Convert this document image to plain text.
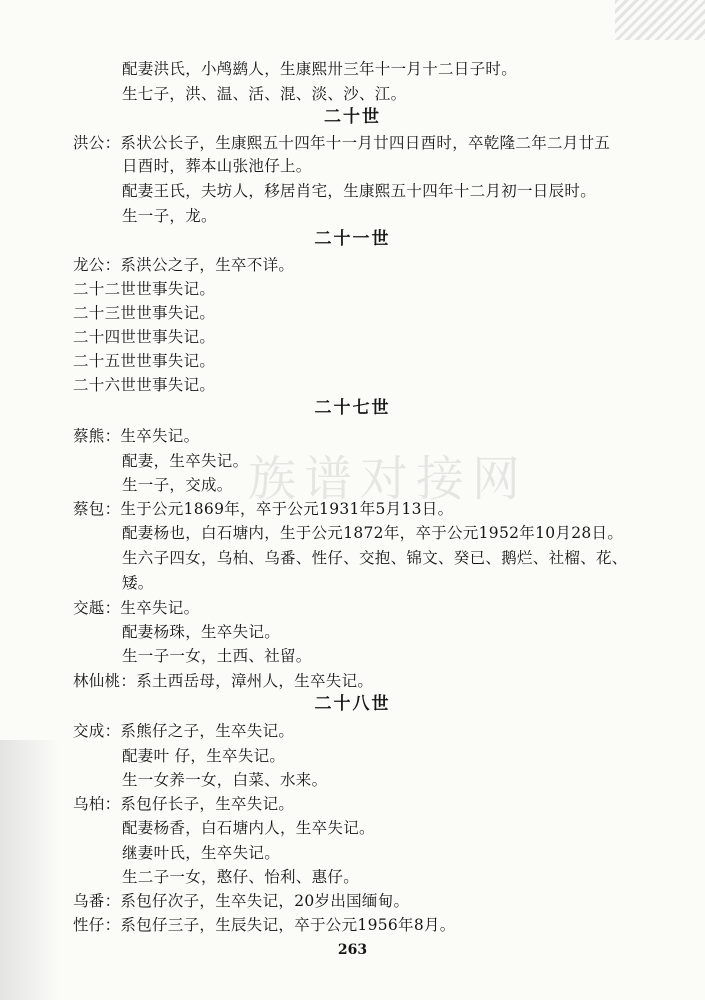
族谱对接网
配妻洪氏，小鸬鹚人，生康熙卅三年十一月十二日子时。
生七子，洪、温、活、混、淡、沙、江。
二十世
洪公：系状公长子，生康熙五十四年十一月廿四日酉时，卒乾隆二年二月廿五
日酉时，葬本山张池仔上。
配妻王氏，夫坊人，移居肖宅，生康熙五十四年十二月初一日辰时。
生一子，龙。
二十一世
龙公：系洪公之子，生卒不详。
二十二世世事失记。
二十三世世事失记。
二十四世世事失记。
二十五世世事失记。
二十六世世事失记。
二十七世
蔡熊：生卒失记。
配妻，生卒失记。
生一子，交成。
蔡包：生于公元1869年，卒于公元1931年5月13日。
配妻杨也，白石塘内，生于公元1872年，卒于公元1952年10月28日。
生六子四女，乌柏、乌番、性仔、交抱、锦文、癸已、鹅烂、社榴、花、
矮。
交趆：生卒失记。
配妻杨珠，生卒失记。
生一子一女，土西、社留。
林仙桃：系土西岳母，漳州人，生卒失记。
二十八世
交成：系熊仔之子，生卒失记。
配妻叶 仔，生卒失记。
生一女养一女，白菜、水来。
乌柏：系包仔长子，生卒失记。
配妻杨香，白石塘内人，生卒失记。
继妻叶氏，生卒失记。
生二子一女，憨仔、怡利、惠仔。
乌番：系包仔次子，生卒失记，20岁出国缅甸。
性仔：系包仔三子，生辰失记，卒于公元1956年8月。
263
